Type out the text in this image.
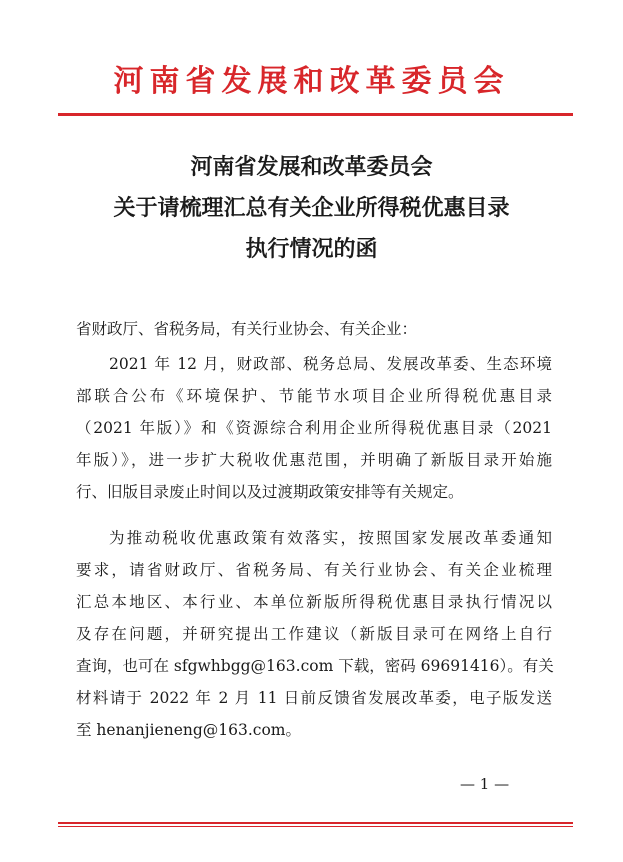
河南省发展和改革委员会
河南省发展和改革委员会
关于请梳理汇总有关企业所得税优惠目录
执行情况的函
省财政厅、省税务局，有关行业协会、有关企业：
2021 年 12 月，财政部、税务总局、发展改革委、生态环境
部联合公布《环境保护、节能节水项目企业所得税优惠目录
（2021 年版）》和《资源综合利用企业所得税优惠目录（2021
年版）》，进一步扩大税收优惠范围，并明确了新版目录开始施
行、旧版目录废止时间以及过渡期政策安排等有关规定。
为推动税收优惠政策有效落实，按照国家发展改革委通知
要求，请省财政厅、省税务局、有关行业协会、有关企业梳理
汇总本地区、本行业、本单位新版所得税优惠目录执行情况以
及存在问题，并研究提出工作建议（新版目录可在网络上自行
查询，也可在 sfgwhbgg@163.com 下载，密码 69691416）。有关
材料请于 2022 年 2 月 11 日前反馈省发展改革委，电子版发送
至 henanjieneng@163.com。
— 1 —
